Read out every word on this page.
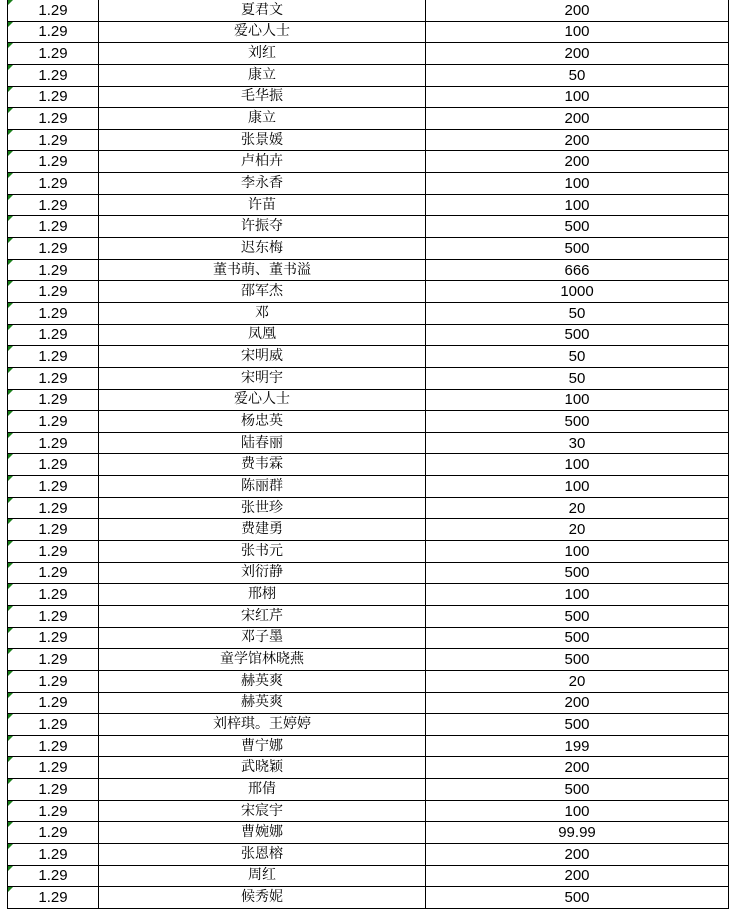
1.29	夏君文	200

1.29	爱心人士	100

1.29	刘红	200

1.29	康立	50

1.29	毛华振	100

1.29	康立	200

1.29	张景媛	200

1.29	卢柏卉	200

1.29	李永香	100

1.29	许苗	100

1.29	许振夺	500

1.29	迟东梅	500

1.29	董书萌、董书溢	666

1.29	邵军杰	1000

1.29	邓	50

1.29	凤凰	500

1.29	宋明威	50

1.29	宋明宇	50

1.29	爱心人士	100

1.29	杨忠英	500

1.29	陆春丽	30

1.29	费韦霖	100

1.29	陈丽群	100

1.29	张世珍	20

1.29	费建勇	20

1.29	张书元	100

1.29	刘衍静	500

1.29	邢栩	100

1.29	宋红芹	500

1.29	邓子墨	500

1.29	童学馆林晓燕	500

1.29	赫英爽	20

1.29	赫英爽	200

1.29	刘梓琪。王婷婷	500

1.29	曹宁娜	199

1.29	武晓颖	200

1.29	邢倩	500

1.29	宋宸宇	100

1.29	曹婉娜	99.99

1.29	张恩榕	200

1.29	周红	200

1.29	候秀妮	500
